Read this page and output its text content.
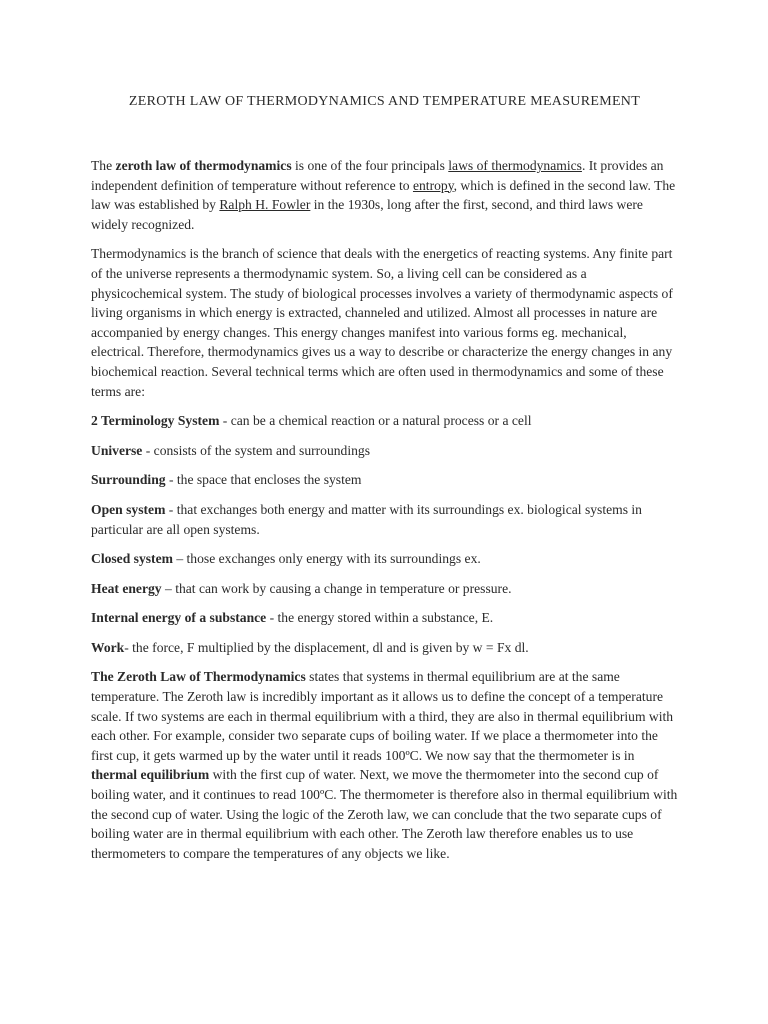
ZEROTH LAW OF THERMODYNAMICS AND TEMPERATURE MEASUREMENT

The zeroth law of thermodynamics is one of the four principals laws of thermodynamics. It provides an independent definition of temperature without reference to entropy, which is defined in the second law. The law was established by Ralph H. Fowler in the 1930s, long after the first, second, and third laws were widely recognized.

Thermodynamics is the branch of science that deals with the energetics of reacting systems. Any finite part of the universe represents a thermodynamic system. So, a living cell can be considered as a physicochemical system. The study of biological processes involves a variety of thermodynamic aspects of living organisms in which energy is extracted, channeled and utilized. Almost all processes in nature are accompanied by energy changes. This energy changes manifest into various forms eg. mechanical, electrical. Therefore, thermodynamics gives us a way to describe or characterize the energy changes in any biochemical reaction. Several technical terms which are often used in thermodynamics and some of these terms are:

2 Terminology System - can be a chemical reaction or a natural process or a cell

Universe - consists of the system and surroundings

Surrounding - the space that encloses the system

Open system - that exchanges both energy and matter with its surroundings ex. biological systems in particular are all open systems.

Closed system – those exchanges only energy with its surroundings ex.

Heat energy – that can work by causing a change in temperature or pressure.

Internal energy of a substance - the energy stored within a substance, E.

Work- the force, F multiplied by the displacement, dl and is given by w = Fx dl.

The Zeroth Law of Thermodynamics states that systems in thermal equilibrium are at the same temperature. The Zeroth law is incredibly important as it allows us to define the concept of a temperature scale. If two systems are each in thermal equilibrium with a third, they are also in thermal equilibrium with each other. For example, consider two separate cups of boiling water. If we place a thermometer into the first cup, it gets warmed up by the water until it reads 100ºC. We now say that the thermometer is in thermal equilibrium with the first cup of water. Next, we move the thermometer into the second cup of boiling water, and it continues to read 100ºC. The thermometer is therefore also in thermal equilibrium with the second cup of water. Using the logic of the Zeroth law, we can conclude that the two separate cups of boiling water are in thermal equilibrium with each other. The Zeroth law therefore enables us to use thermometers to compare the temperatures of any objects we like.
